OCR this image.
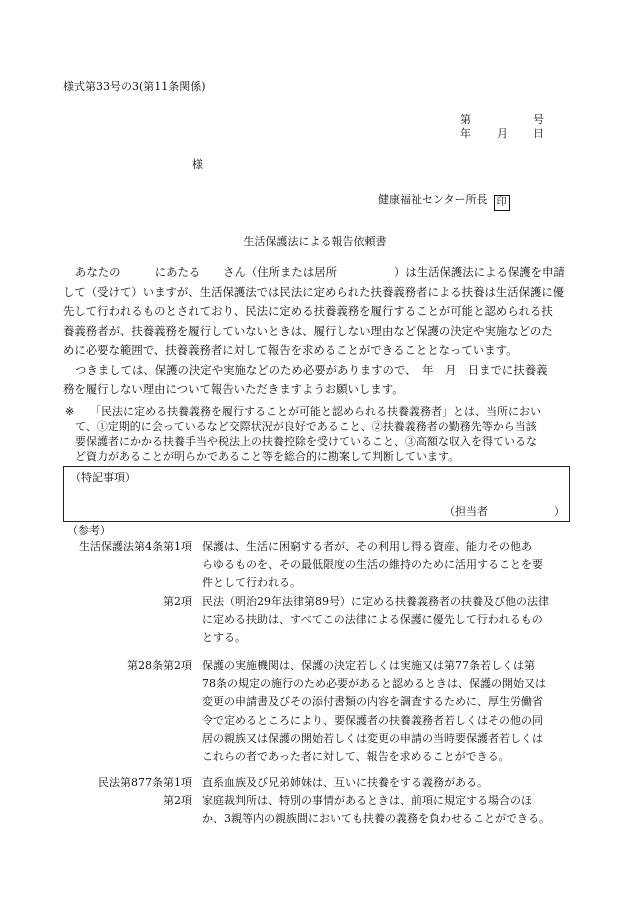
様式第33号の3(第11条関係)
第	号
年 月 日
様
健康福祉センター所長 印
生活保護法による報告依頼書
あなたの　　　にあたる　　さん（住所または居所　　　　　）は生活保護法による保護を申請
して（受けて）いますが、生活保護法では民法に定められた扶養義務者による扶養は生活保護に優
先して行われるものとされており、民法に定める扶養義務を履行することが可能と認められる扶
養義務者が、扶養義務を履行していないときは、履行しない理由など保護の決定や実施などのた
めに必要な範囲で、扶養義務者に対して報告を求めることができることとなっています。
つきましては、保護の決定や実施などのため必要がありますので、　年　月　日までに扶養義
務を履行しない理由について報告いただきますようお願いします。
※ 「民法に定める扶養義務を履行することが可能と認められる扶養義務者」とは、当所におい
て、①定期的に会っているなど交際状況が良好であること、②扶養義務者の勤務先等から当該
要保護者にかかる扶養手当や税法上の扶養控除を受けていること、③高額な収入を得ているな
ど資力があることが明らかであること等を総合的に勘案して判断しています。
（特記事項）
（担当者　　　　　　）
（参考）
生活保護法第4条第1項 保護は、生活に困窮する者が、その利用し得る資産、能力その他あ
らゆるものを、その最低限度の生活の維持のために活用することを要
件として行われる。
第2項 民法（明治29年法律第89号）に定める扶養義務者の扶養及び他の法律
に定める扶助は、すべてこの法律による保護に優先して行われるもの
とする。
第28条第2項 保護の実施機関は、保護の決定若しくは実施又は第77条若しくは第
78条の規定の施行のため必要があると認めるときは、保護の開始又は
変更の申請書及びその添付書類の内容を調査するために、厚生労働省
令で定めるところにより、要保護者の扶養義務者若しくはその他の同
居の親族又は保護の開始若しくは変更の申請の当時要保護者若しくは
これらの者であった者に対して、報告を求めることができる。
民法第877条第1項 直系血族及び兄弟姉妹は、互いに扶養をする義務がある。
第2項 家庭裁判所は、特別の事情があるときは、前項に規定する場合のほ
か、3親等内の親族間においても扶養の義務を負わせることができる。
